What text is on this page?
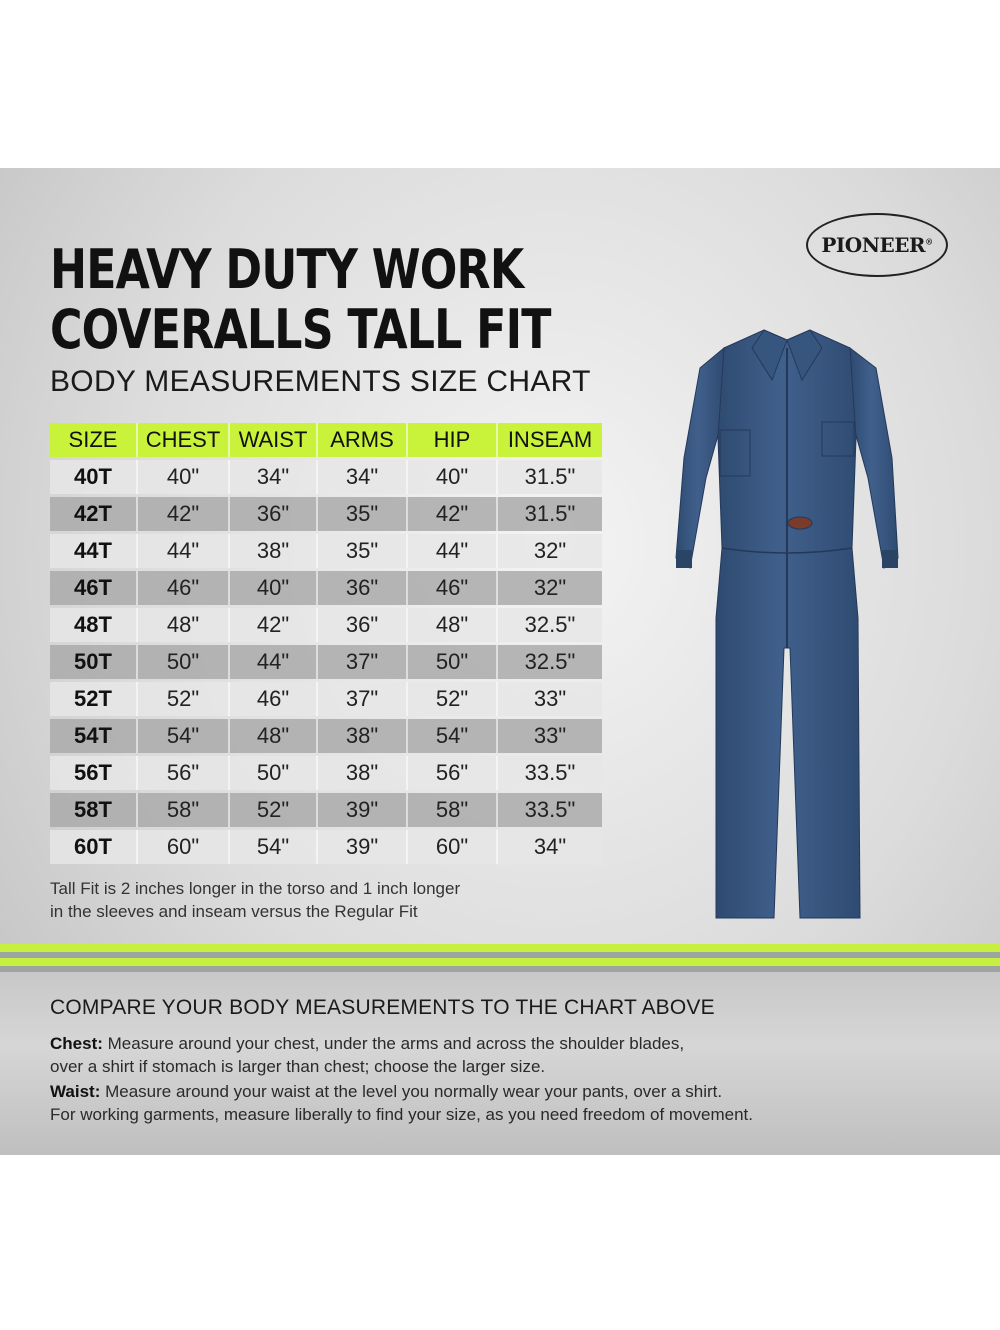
HEAVY DUTY WORK
COVERALLS TALL FIT
BODY MEASUREMENTS SIZE CHART
PIONEER®
SIZE	CHEST	WAIST	ARMS	HIP	INSEAM
40T	40"	34"	34"	40"	31.5"
42T	42"	36"	35"	42"	31.5"
44T	44"	38"	35"	44"	32"
46T	46"	40"	36"	46"	32"
48T	48"	42"	36"	48"	32.5"
50T	50"	44"	37"	50"	32.5"
52T	52"	46"	37"	52"	33"
54T	54"	48"	38"	54"	33"
56T	56"	50"	38"	56"	33.5"
58T	58"	52"	39"	58"	33.5"
60T	60"	54"	39"	60"	34"
Tall Fit is 2 inches longer in the torso and 1 inch longer
in the sleeves and inseam versus the Regular Fit
COMPARE YOUR BODY MEASUREMENTS TO THE CHART ABOVE

Chest: Measure around your chest, under the arms and across the shoulder blades,
over a shirt if stomach is larger than chest; choose the larger size.

Waist: Measure around your waist at the level you normally wear your pants, over a shirt.
For working garments, measure liberally to find your size, as you need freedom of movement.
